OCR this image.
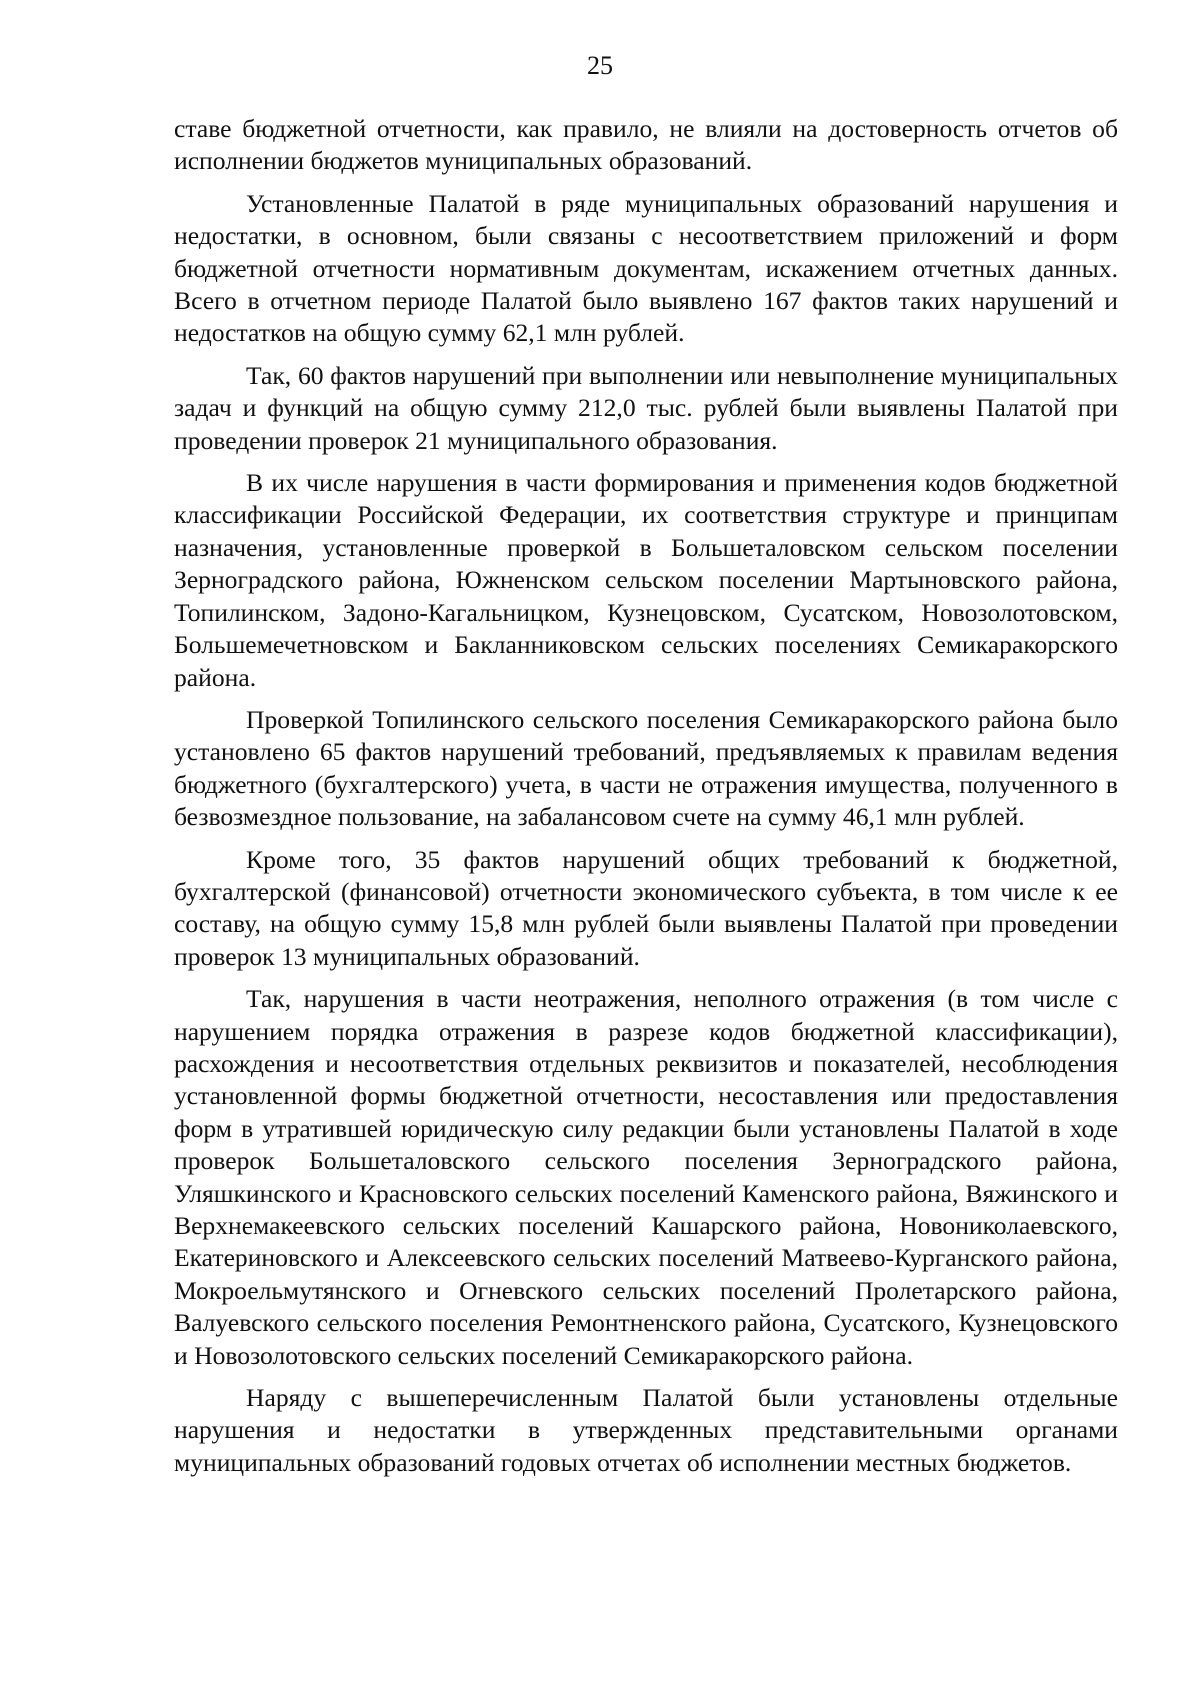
25

ставе бюджетной отчетности, как правило, не влияли на достоверность отчетов об исполнении бюджетов муниципальных образований.

Установленные Палатой в ряде муниципальных образований нарушения и недостатки, в основном, были связаны с несоответствием приложений и форм бюджетной отчетности нормативным документам, искажением отчетных данных. Всего в отчетном периоде Палатой было выявлено 167 фактов таких нарушений и недостатков на общую сумму 62,1 млн рублей.

Так, 60 фактов нарушений при выполнении или невыполнение муниципальных задач и функций на общую сумму 212,0 тыс. рублей были выявлены Палатой при проведении проверок 21 муниципального образования.

В их числе нарушения в части формирования и применения кодов бюджетной классификации Российской Федерации, их соответствия структуре и принципам назначения, установленные проверкой в Большеталовском сельском поселении Зерноградского района, Южненском сельском поселении Мартыновского района, Топилинском, Задоно-Кагальницком, Кузнецовском, Сусатском, Новозолотовском, Большемечетновском и Бакланниковском сельских поселениях Семикаракорского района.

Проверкой Топилинского сельского поселения Семикаракорского района было установлено 65 фактов нарушений требований, предъявляемых к правилам ведения бюджетного (бухгалтерского) учета, в части не отражения имущества, полученного в безвозмездное пользование, на забалансовом счете на сумму 46,1 млн рублей.

Кроме того, 35 фактов нарушений общих требований к бюджетной, бухгалтерской (финансовой) отчетности экономического субъекта, в том числе к ее составу, на общую сумму 15,8 млн рублей были выявлены Палатой при проведении проверок 13 муниципальных образований.

Так, нарушения в части неотражения, неполного отражения (в том числе с нарушением порядка отражения в разрезе кодов бюджетной классификации), расхождения и несоответствия отдельных реквизитов и показателей, несоблюдения установленной формы бюджетной отчетности, несоставления или предоставления форм в утратившей юридическую силу редакции были установлены Палатой в ходе проверок Большеталовского сельского поселения Зерноградского района, Уляшкинского и Красновского сельских поселений Каменского района, Вяжинского и Верхнемакеевского сельских поселений Кашарского района, Новониколаевского, Екатериновского и Алексеевского сельских поселений Матвеево-Курганского района, Мокроельмутянского и Огневского сельских поселений Пролетарского района, Валуевского сельского поселения Ремонтненского района, Сусатского, Кузнецовского и Новозолотовского сельских поселений Семикаракорского района.

Наряду с вышеперечисленным Палатой были установлены отдельные нарушения и недостатки в утвержденных представительными органами муниципальных образований годовых отчетах об исполнении местных бюджетов.
